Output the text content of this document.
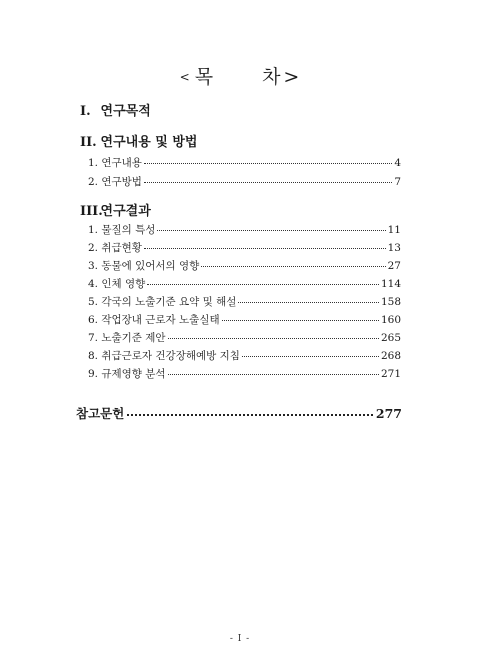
< 목	차 >
I. 연구목적
II. 연구내용 및 방법
1. 연구내용	4
2. 연구방법	7
III. 연구결과
1. 물질의 특성	11
2. 취급현황	13
3. 동물에 있어서의 영향	27
4. 인체 영향	114
5. 각국의 노출기준 요약 및 해설	158
6. 작업장내 근로자 노출실태	160
7. 노출기준 제안	265
8. 취급근로자 건강장해예방 지침	268
9. 규제영향 분석	271
참고문헌	277
- I -
